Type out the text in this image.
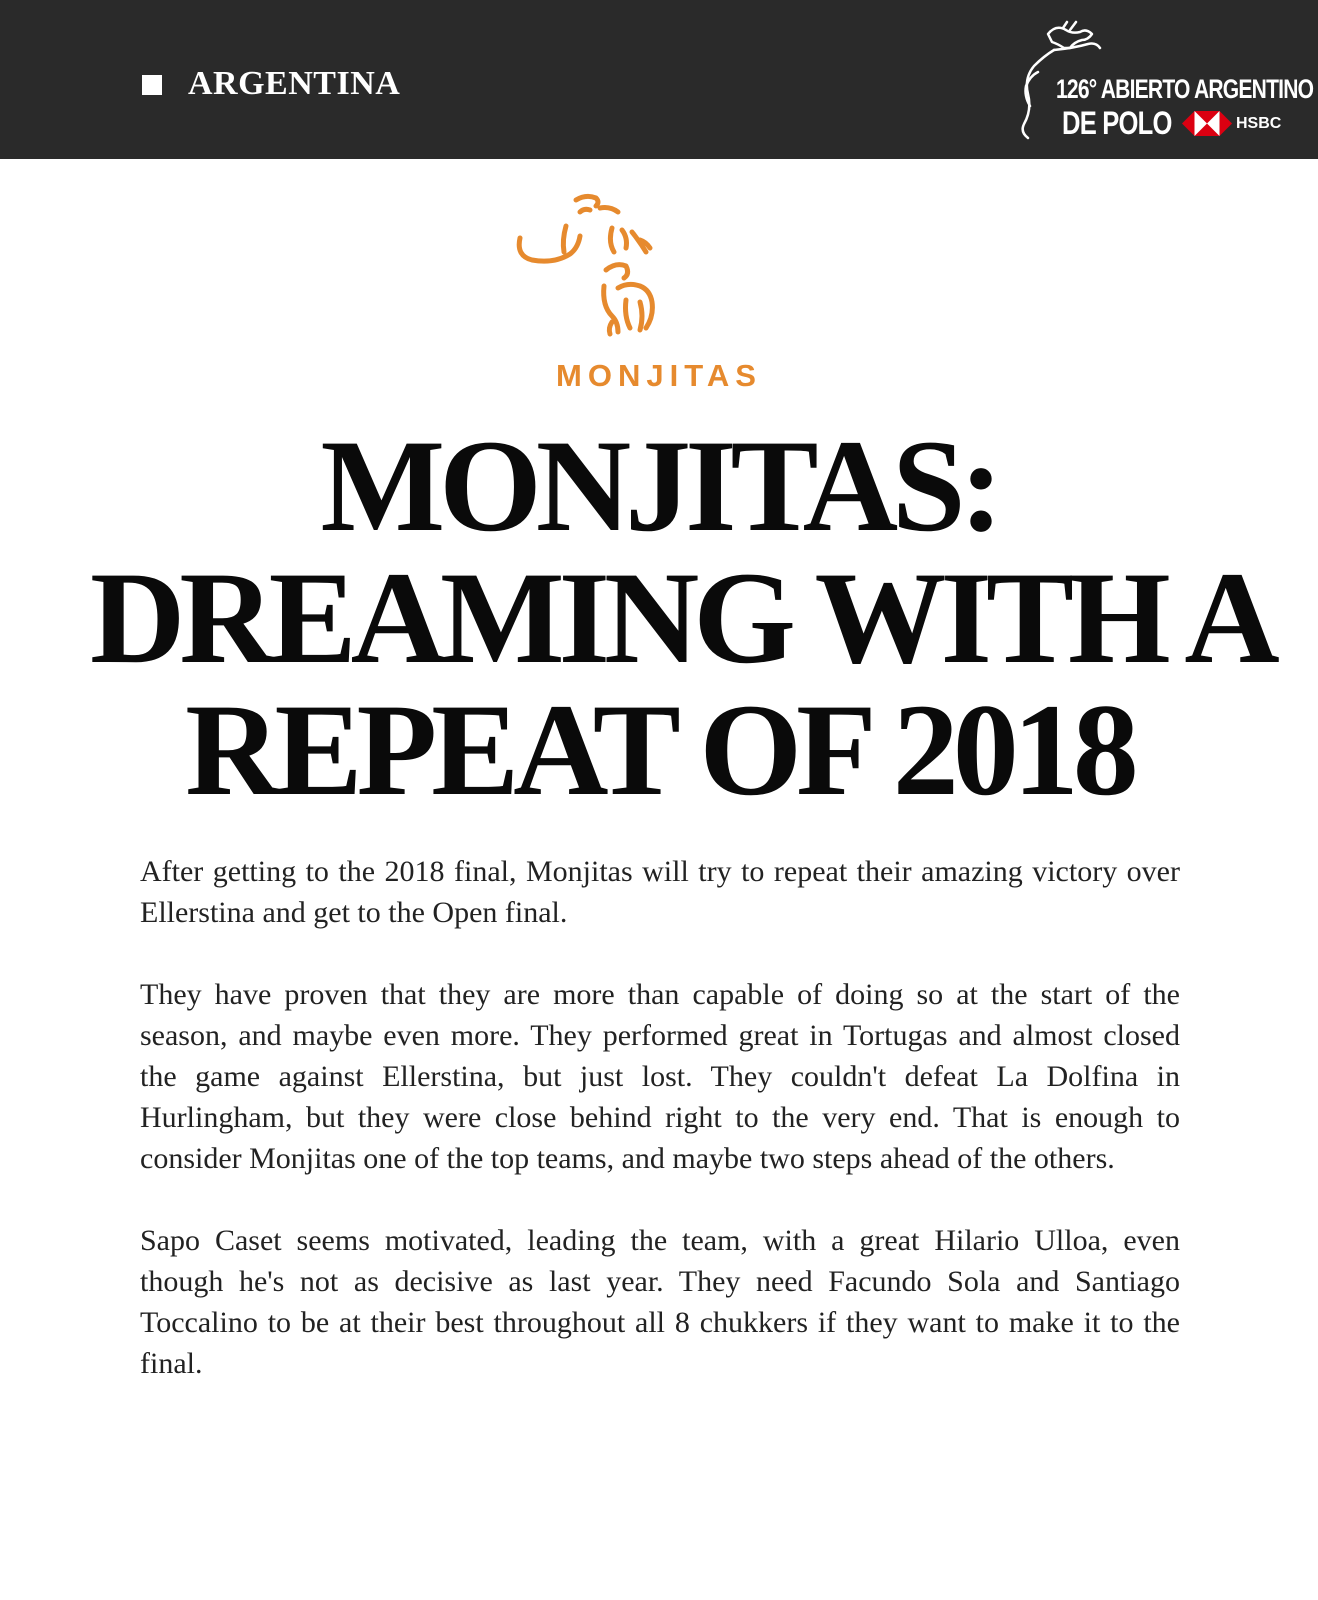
ARGENTINA	126° ABIERTO ARGENTINO
DE POLO	HSBC
MONJITAS
MONJITAS:
DREAMING WITH A
REPEAT OF 2018

After getting to the 2018 final, Monjitas will try to repeat their amazing victory over Ellerstina and get to the Open final.

They have proven that they are more than capable of doing so at the start of the season, and maybe even more. They performed great in Tortugas and almost closed the game against Ellerstina, but just lost. They couldn't defeat La Dolfina in Hurlingham, but they were close behind right to the very end. That is enough to consider Monjitas one of the top teams, and maybe two steps ahead of the others.

Sapo Caset seems motivated, leading the team, with a great Hilario Ulloa, even though he's not as decisive as last year. They need Facundo Sola and Santiago Toccalino to be at their best throughout all 8 chukkers if they want to make it to the final.
